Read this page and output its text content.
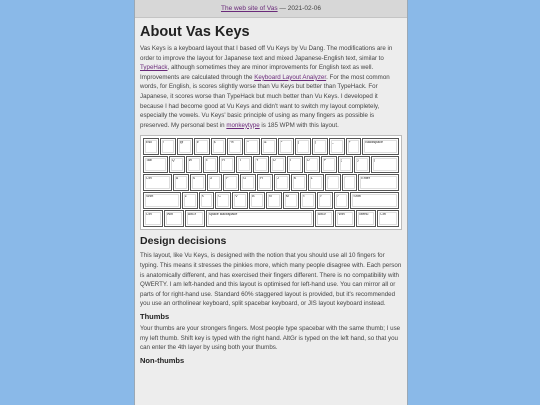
The web site of Vas — 2021-02-06
About Vas Keys

Vas Keys is a keyboard layout that I based off Vu Keys by Vu Dang. The modifications are in order to improve the layout for Japanese text and mixed Japanese-English text, similar to TypeHack, although sometimes they are minor improvements for English text as well. Improvements are calculated through the Keyboard Layout Analyzer. For the most common words, for English, is scores slightly worse than Vu Keys but better than TypeHack. For Japanese, it scores worse than TypeHack but much better than Vu Keys. I developed it because I had become good at Vu Keys and didn't want to switch my layout completely, especially the vowels. Vu Keys' basic principle of using as many fingers as possible is preserved. My personal best in monkeytype is 185 WPM with this layout.

Esc	!	@	#	$	%	^	&	*	(	)	_	+	Backspace
Tab	Q	W	E	R	T	Y	U	I	O	P	{	}	|
Ctrl	A	S	D	F	G	H	J	K	L	:	"	Enter
Shift	Z	X	C	V	B	N	M	<	>	?	Shift
Ctrl	Win	AltGr	Space Backspace	AltGr	Win	Menu	Ctrl
Design decisions

This layout, like Vu Keys, is designed with the notion that you should use all 10 fingers for typing. This means it stresses the pinkies more, which many people disagree with. Each person is anatomically different, and has exercised their fingers different. There is no compatibility with QWERTY. I am left-handed and this layout is optimised for left-hand use. You can mirror all or parts of for right-hand use. Standard 60% staggered layout is provided, but it's recommended you use an ortholinear keyboard, split spacebar keyboard, or JIS layout keyboard instead.

Thumbs

Your thumbs are your strongers fingers. Most people type spacebar with the same thumb; I use my left thumb. Shift key is typed with the right hand. AltGr is typed on the left hand, so that you can enter the 4th layer by using both your thumbs.

Non-thumbs
